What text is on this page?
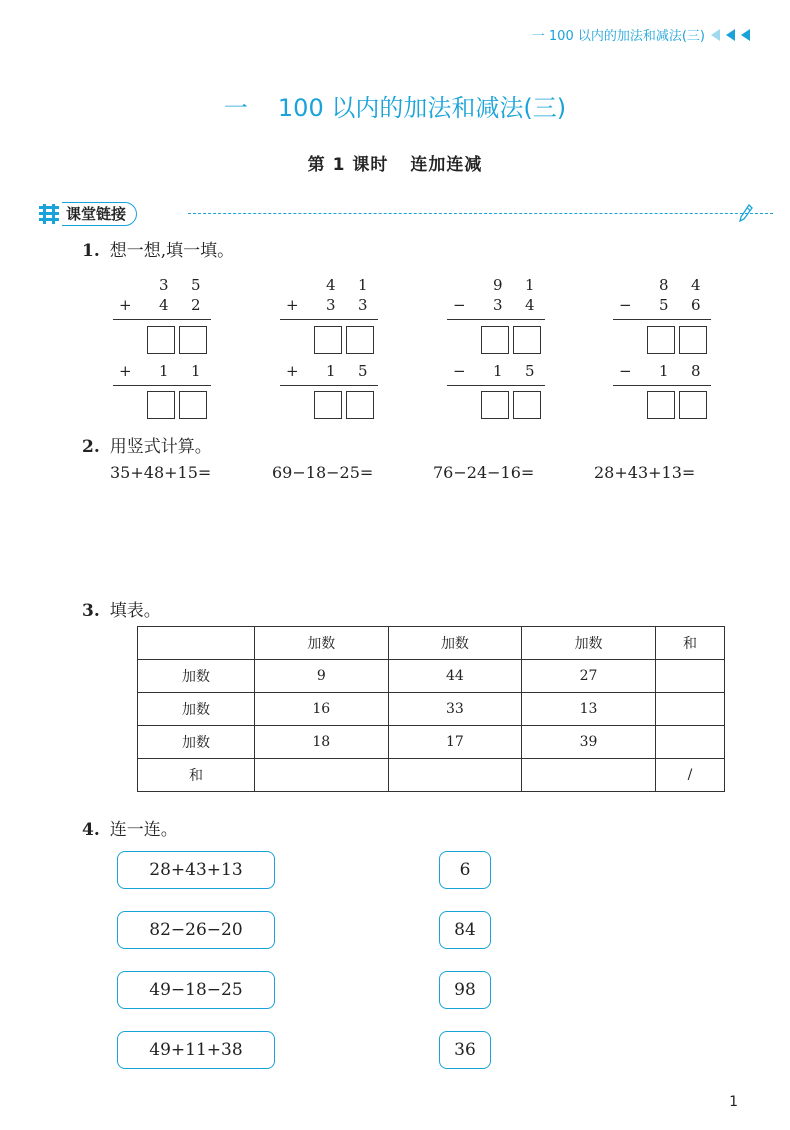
一 100 以内的加法和减法(三)
一 100 以内的加法和减法(三)
第 1 课时 连加连减
课堂链接
1. 想一想,填一填。
3 5
+ 4 2
+ 1 1
4 1
+ 3 3
+ 1 5
9 1
− 3 4
− 1 5
8 4
− 5 6
− 1 8
2. 用竖式计算。
35+48+15=	69−18−25=	76−24−16=	28+43+13=
3. 填表。
	加数	加数	加数	和
加数	9	44	27	
加数	16	33	13	
加数	18	17	39	
和				/
4. 连一连。
28+43+13
82−26−20
49−18−25
49+11+38
6
84
98
36
1
